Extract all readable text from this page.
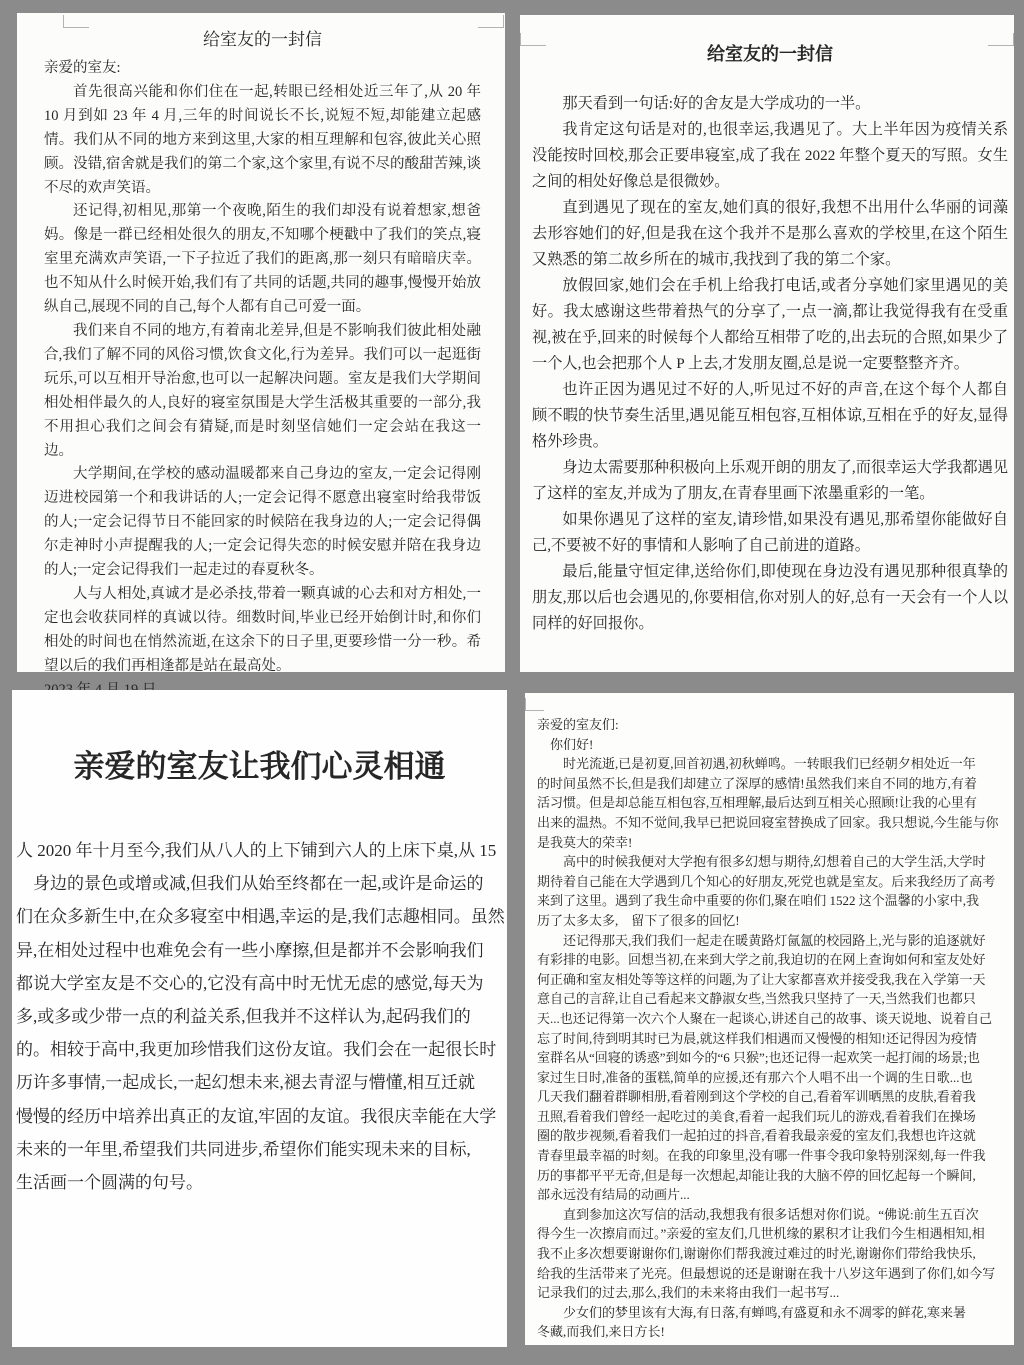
给室友的一封信

亲爱的室友:

首先很高兴能和你们住在一起,转眼已经相处近三年了,从 20 年 10 月到如 23 年 4 月,三年的时间说长不长,说短不短,却能建立起感情。我们从不同的地方来到这里,大家的相互理解和包容,彼此关心照顾。没错,宿舍就是我们的第二个家,这个家里,有说不尽的酸甜苦辣,谈不尽的欢声笑语。

还记得,初相见,那第一个夜晚,陌生的我们却没有说着想家,想爸妈。像是一群已经相处很久的朋友,不知哪个梗戳中了我们的笑点,寝室里充满欢声笑语,一下子拉近了我们的距离,那一刻只有暗暗庆幸。也不知从什么时候开始,我们有了共同的话题,共同的趣事,慢慢开始放纵自己,展现不同的自己,每个人都有自己可爱一面。

我们来自不同的地方,有着南北差异,但是不影响我们彼此相处融合,我们了解不同的风俗习惯,饮食文化,行为差异。我们可以一起逛街玩乐,可以互相开导治愈,也可以一起解决问题。室友是我们大学期间相处相伴最久的人,良好的寝室氛围是大学生活极其重要的一部分,我不用担心我们之间会有猜疑,而是时刻坚信她们一定会站在我这一边。

大学期间,在学校的感动温暖都来自己身边的室友,一定会记得刚迈进校园第一个和我讲话的人;一定会记得不愿意出寝室时给我带饭的人;一定会记得节日不能回家的时候陪在我身边的人;一定会记得偶尔走神时小声提醒我的人;一定会记得失恋的时候安慰并陪在我身边的人;一定会记得我们一起走过的春夏秋冬。

人与人相处,真诚才是必杀技,带着一颗真诚的心去和对方相处,一定也会收获同样的真诚以待。细数时间,毕业已经开始倒计时,和你们相处的时间也在悄然流逝,在这余下的日子里,更要珍惜一分一秒。希望以后的我们再相逢都是站在最高处。

给室友的一封信

那天看到一句话:好的舍友是大学成功的一半。

我肯定这句话是对的,也很幸运,我遇见了。大上半年因为疫情关系没能按时回校,那会正要串寝室,成了我在 2022 年整个夏天的写照。女生之间的相处好像总是很微妙。

直到遇见了现在的室友,她们真的很好,我想不出用什么华丽的词藻去形容她们的好,但是我在这个我并不是那么喜欢的学校里,在这个陌生又熟悉的第二故乡所在的城市,我找到了我的第二个家。

放假回家,她们会在手机上给我打电话,或者分享她们家里遇见的美好。我太感谢这些带着热气的分享了,一点一滴,都让我觉得我有在受重视,被在乎,回来的时候每个人都给互相带了吃的,出去玩的合照,如果少了一个人,也会把那个人 P 上去,才发朋友圈,总是说一定要整整齐齐。

也许正因为遇见过不好的人,听见过不好的声音,在这个每个人都自顾不暇的快节奏生活里,遇见能互相包容,互相体谅,互相在乎的好友,显得格外珍贵。

身边太需要那种积极向上乐观开朗的朋友了,而很幸运大学我都遇见了这样的室友,并成为了朋友,在青春里画下浓墨重彩的一笔。

如果你遇见了这样的室友,请珍惜,如果没有遇见,那希望你能做好自己,不要被不好的事情和人影响了自己前进的道路。

最后,能量守恒定律,送给你们,即使现在身边没有遇见那种很真挚的朋友,那以后也会遇见的,你要相信,你对别人的好,总有一天会有一个人以同样的好回报你。

亲爱的室友让我们心灵相通
人 2020 年十月至今,我们从八人的上下铺到六人的上床下桌,从 15
　身边的景色或增或减,但我们从始至终都在一起,或许是命运的
们在众多新生中,在众多寝室中相遇,幸运的是,我们志趣相同。虽然
异,在相处过程中也难免会有一些小摩擦,但是都并不会影响我们
都说大学室友是不交心的,它没有高中时无忧无虑的感觉,每天为
多,或多或少带一点的利益关系,但我并不这样认为,起码我们的
的。相较于高中,我更加珍惜我们这份友谊。我们会在一起很长时
历许多事情,一起成长,一起幻想未来,褪去青涩与懵懂,相互迁就
慢慢的经历中培养出真正的友谊,牢固的友谊。我很庆幸能在大学
未来的一年里,希望我们共同进步,希望你们能实现未来的目标,
生活画一个圆满的句号。
亲爱的室友们:
　你们好!
　　时光流逝,已是初夏,回首初遇,初秋蝉鸣。一转眼我们已经朝夕相处近一年
的时间虽然不长,但是我们却建立了深厚的感情!虽然我们来自不同的地方,有着
活习惯。但是却总能互相包容,互相理解,最后达到互相关心照顾!让我的心里有
出来的温热。不知不觉间,我早已把说回寝室替换成了回家。我只想说,今生能与你
是我莫大的荣幸!
　　高中的时候我便对大学抱有很多幻想与期待,幻想着自己的大学生活,大学时
期待着自己能在大学遇到几个知心的好朋友,死党也就是室友。后来我经历了高考
来到了这里。遇到了我生命中重要的你们,聚在咱们 1522 这个温馨的小家中,我
历了太多太多,　留下了很多的回忆!
　　还记得那天,我们我们一起走在暖黄路灯氤氲的校园路上,光与影的追逐就好
有彩排的电影。回想当初,在来到大学之前,我迫切的在网上查询如何和室友处好
何正确和室友相处等等这样的问题,为了让大家都喜欢并接受我,我在入学第一天
意自己的言辞,让自己看起来文静淑女些,当然我只坚持了一天,当然我们也都只
天...也还记得第一次六个人聚在一起谈心,讲述自己的故事、谈天说地、说着自己
忘了时间,待到明其时已为晨,就这样我们相遇而又慢慢的相知!还记得因为疫情
室群名从“回寝的诱惑”到如今的“6 只猴”;也还记得一起欢笑一起打闹的场景;也
家过生日时,准备的蛋糕,简单的应援,还有那六个人唱不出一个调的生日歌...也
几天我们翻着群聊相册,看着刚到这个学校的自己,看着军训晒黑的皮肤,看着我
丑照,看着我们曾经一起吃过的美食,看着一起我们玩儿的游戏,看着我们在操场
圈的散步视频,看着我们一起拍过的抖音,看着我最亲爱的室友们,我想也许这就
青春里最幸福的时刻。在我的印象里,没有哪一件事令我印象特别深刻,每一件我
历的事都平平无奇,但是每一次想起,却能让我的大脑不停的回忆起每一个瞬间,
部永远没有结局的动画片...
　　直到参加这次写信的活动,我想我有很多话想对你们说。“佛说:前生五百次
得今生一次擦肩而过。”亲爱的室友们,几世机缘的累积才让我们今生相遇相知,相
我不止多次想要谢谢你们,谢谢你们帮我渡过难过的时光,谢谢你们带给我快乐,
给我的生活带来了光亮。但最想说的还是谢谢在我十八岁这年遇到了你们,如今写
记录我们的过去,那么,我们的未来将由我们一起书写...
　　少女们的梦里该有大海,有日落,有蝉鸣,有盛夏和永不凋零的鲜花,寒来暑
冬藏,而我们,来日方长!
